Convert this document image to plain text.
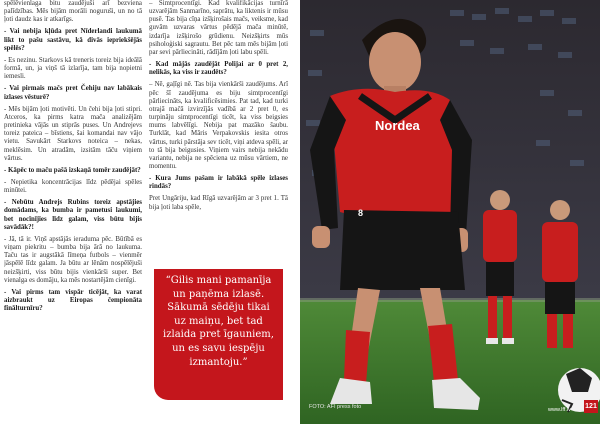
spēlēvienlaga bitu zaudējuši arī bezviena palīdzības. Mēs bijām morāli noguruši, un no tā ļoti daudz kas ir atkarīgs.

- Vai nebija kļūda pret Nīderlandi laukumā likt to pašu sastāvu, kā divās iepriekšējās spēlēs?

- Es nezinu. Starkovs kā treneris toreiz bija ideālā formā, un, ja viņš tā izlarīja, tam bija nopietni iemesli.

- Vai pirmais mačs pret Čehiju nav labākais izlases vēsturē?

- Mēs bijām ļoti motivēti. Un čehi bija ļoti stipri. Atceros, ka pirms katra mača analizējām pretinieka vājās un stiprās puses. Un Andrejevs toreiz pateica – bīstiens, šai komandai nav vājo vietu. Savukārt Starkovs noteica – nekas, meklēsim. Un atradām, izsitām tāču viņiem vārtus.

- Kāpēc to maču pašā izskaņā tomēr zaudējāt?

- Nepietika koncentrācijas līdz pēdējai spēles minūtei.

- Nebūtu Andrejs Rubins toreiz apstājies domādams, ka bumba ir pametusi laukumi, bet nocīnījies līdz galam, viss būtu bijis savādāk?!

- Jā, tā ir. Viņš apstājās ieraduma pēc. Būtībā es viņam piekritu – bumba bija ārā no laukuma. Taču tas ir augstākā līmeņa futbols – vienmēr jāspēlē līdz galam. Ja būtu ar lēnām nospēlējuši neizšķirti, viss būtu bijis vienkārši super. Bet vienalga es domāju, ka mēs nostartējām cienīgi.

- Vai pirms tam vispār ticējāt, ka varat aizbraukt uz Eiropas čempionāta finālturnīru?

– Simtprocentīgi. Kad kvalifikācijas turnīrā uzvarējām Sanmarīno, saprātu, ka liktenis ir mūsu pusē. Tas bija cīņa izšķirošais mačs, veiksme, kad guvām uzvaras vārtus pēdējā mača minūtē, izdarīja izšķirošo grūdienu. Neizšķirts mūs psiholoģiski sagrautu. Bet pēc tam mēs bijām ļoti par sevi pārliecināti, rādījām ļoti labu spēli.

- Kad mājās zaudējāt Polijai ar 0 pret 2, nelikās, ka viss ir zaudēts?

– Nē, gaļīgi nē. Tas bija vienkārši zaudējums. Arī pēc šī zaudējuma es biju simtprocentīgi pārliecināts, ka kvalificēsimies. Pat tad, kad turki otrajā mačā izvirzījās vadībā ar 2 pret 0, es turpināju simtprocentīgi ticēt, ka viss beigsies mums labvēlīgi. Nebija pat mazāko šaubu. Turklāt, kad Māris Verpakovskis iesita otros vārtus, turki pārstāja sev ticēt, viņi atdeva spēli, ar to tā bija beigusies. Viņiem vairs nebija nekādu variantu, nebija ne spēciena uz mūsu vārtiem, ne momentu.

- Kura Jums pašam ir labākā spēle izlases rindās?

Pret Ungāriju, kad Rīgā uzvarējām ar 3 pret 1. Tā bija ļoti laba spēle,

“Gilis mani pamanīja un paņēma izlasē. Sākumā sēdēju tikai uz maiņu, bet tad izlaida pret īgauniem, un es savu iespēju izmantoju.”
Nordea
8
FOTO: AFI press foto	www.lff.lv 121
